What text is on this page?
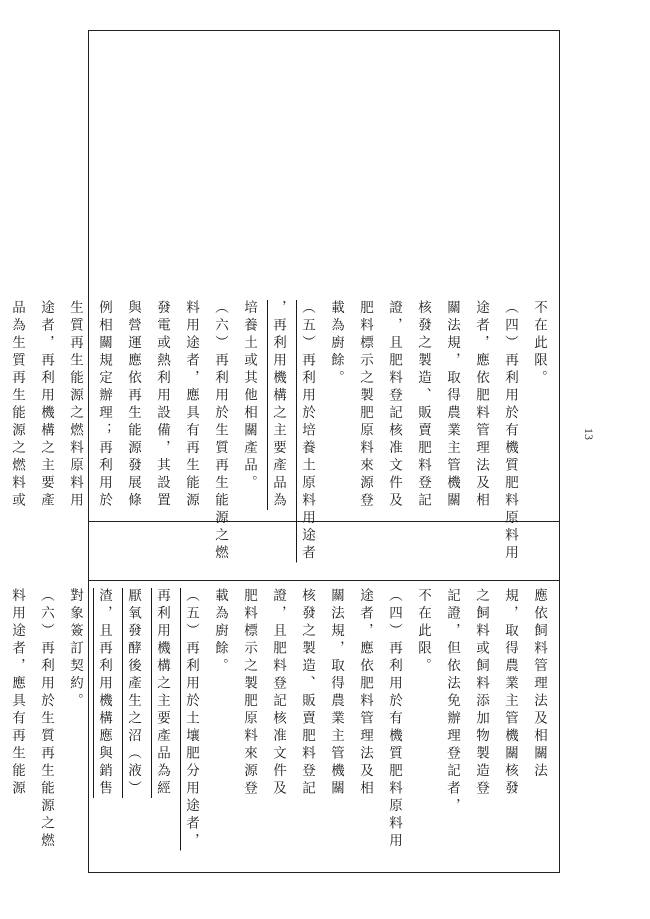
不在此限。
（四）再利用於有機質肥料原料用
途者，應依肥料管理法及相
關法規，取得農業主管機關
核發之製造、販賣肥料登記
證，且肥料登記核准文件及
肥料標示之製肥原料來源登
載為廚餘。
（五）再利用於培養土原料用途者
，再利用機構之主要產品為
培養土或其他相關產品。
（六）再利用於生質再生能源之燃
料用途者，應具有再生能源
發電或熱利用設備，其設置
與營運應依再生能源發展條
例相關規定辦理；再利用於
生質再生能源之燃料原料用
途者，再利用機構之主要產
品為生質再生能源之燃料或
應依飼料管理法及相關法
規，取得農業主管機關核發
之飼料或飼料添加物製造登
記證，但依法免辦理登記者，
不在此限。
（四）再利用於有機質肥料原料用
途者，應依肥料管理法及相
關法規，取得農業主管機關
核發之製造、販賣肥料登記
證，且肥料登記核准文件及
肥料標示之製肥原料來源登
載為廚餘。
（五）再利用於土壤肥分用途者，
再利用機構之主要產品為經
厭氧發酵後產生之沼（液）
渣，且再利用機構應與銷售
對象簽訂契約。
（六）再利用於生質再生能源之燃
料用途者，應具有再生能源
13
